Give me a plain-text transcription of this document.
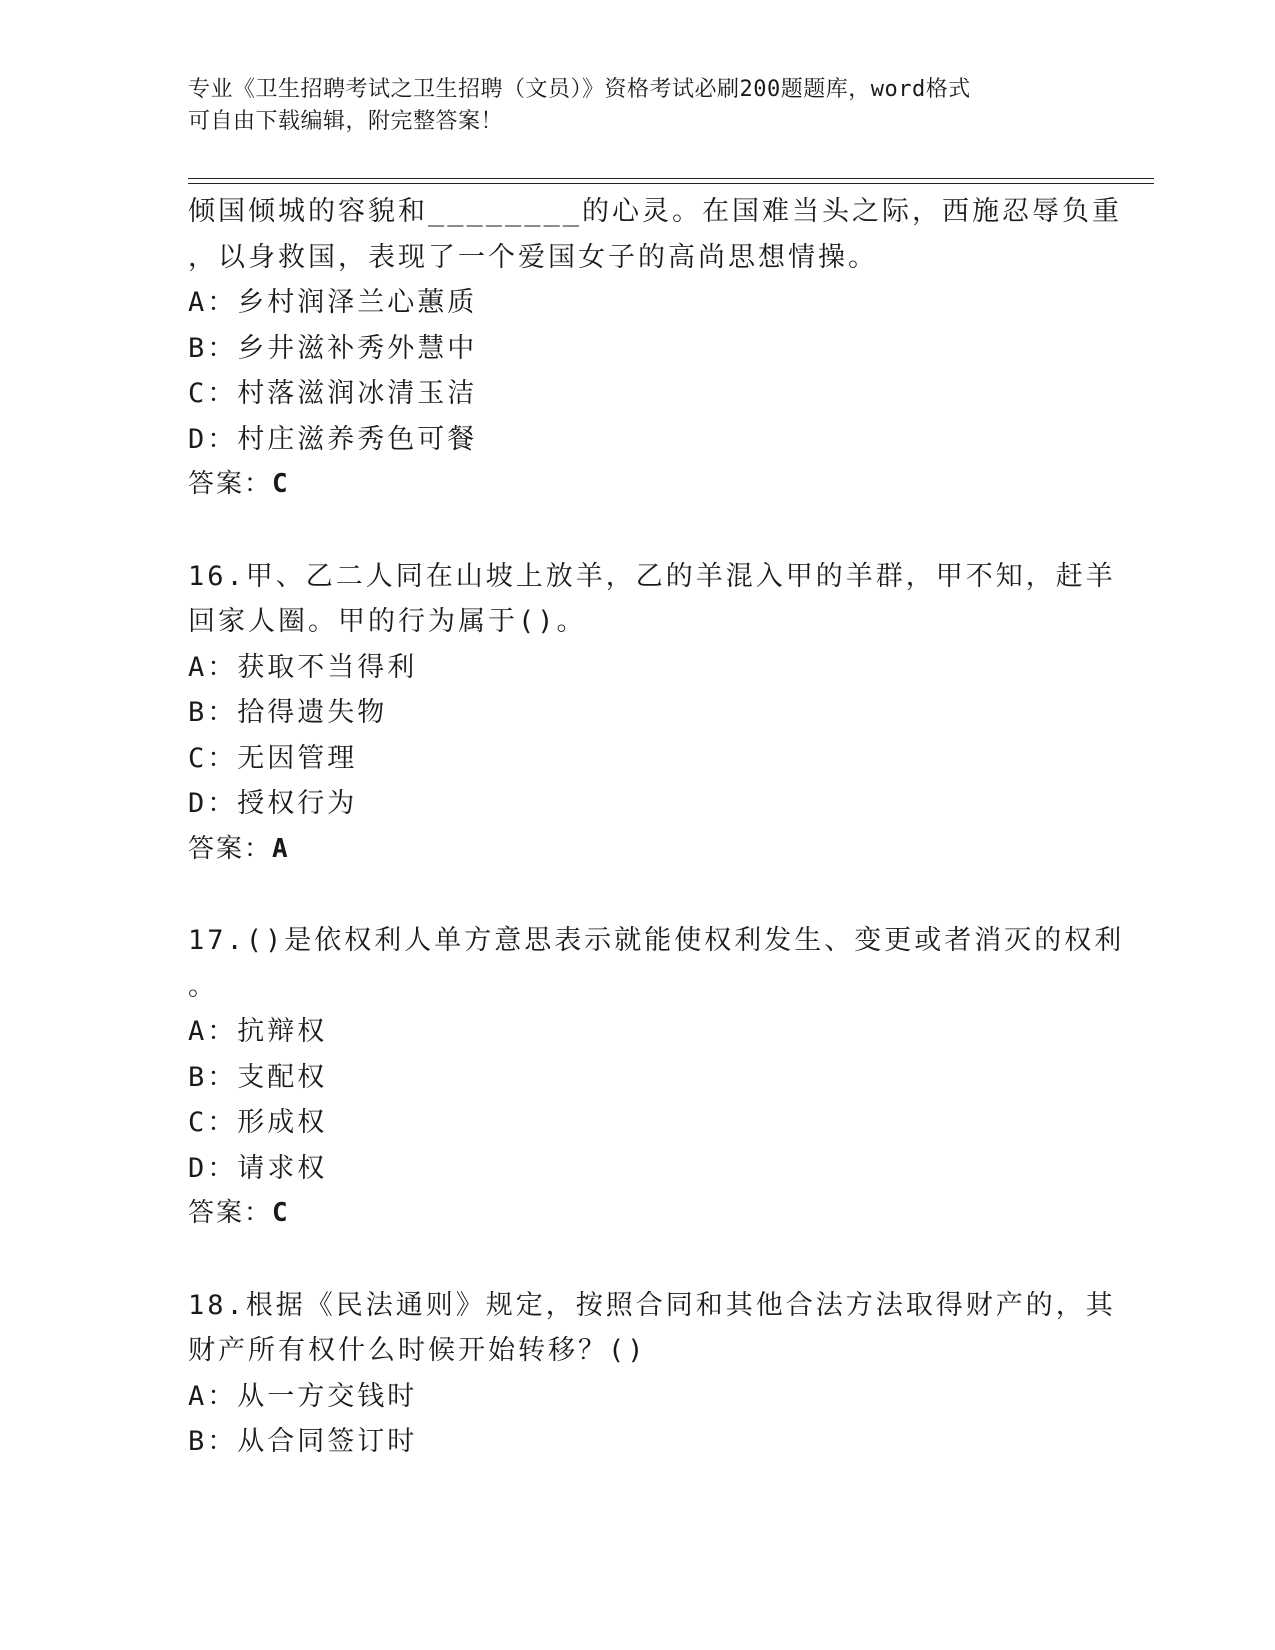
专业《卫生招聘考试之卫生招聘（文员）》资格考试必刷200题题库，word格式
可自由下载编辑，附完整答案！
倾国倾城的容貌和________的心灵。在国难当头之际，西施忍辱负重
，以身救国，表现了一个爱国女子的高尚思想情操。
A：乡村润泽兰心蕙质
B：乡井滋补秀外慧中
C：村落滋润冰清玉洁
D：村庄滋养秀色可餐
答案：C
16.甲、乙二人同在山坡上放羊，乙的羊混入甲的羊群，甲不知，赶羊
回家人圈。甲的行为属于()。
A：获取不当得利
B：拾得遗失物
C：无因管理
D：授权行为
答案：A
17.()是依权利人单方意思表示就能使权利发生、变更或者消灭的权利
。
A：抗辩权
B：支配权
C：形成权
D：请求权
答案：C
18.根据《民法通则》规定，按照合同和其他合法方法取得财产的，其
财产所有权什么时候开始转移？()
A：从一方交钱时
B：从合同签订时
